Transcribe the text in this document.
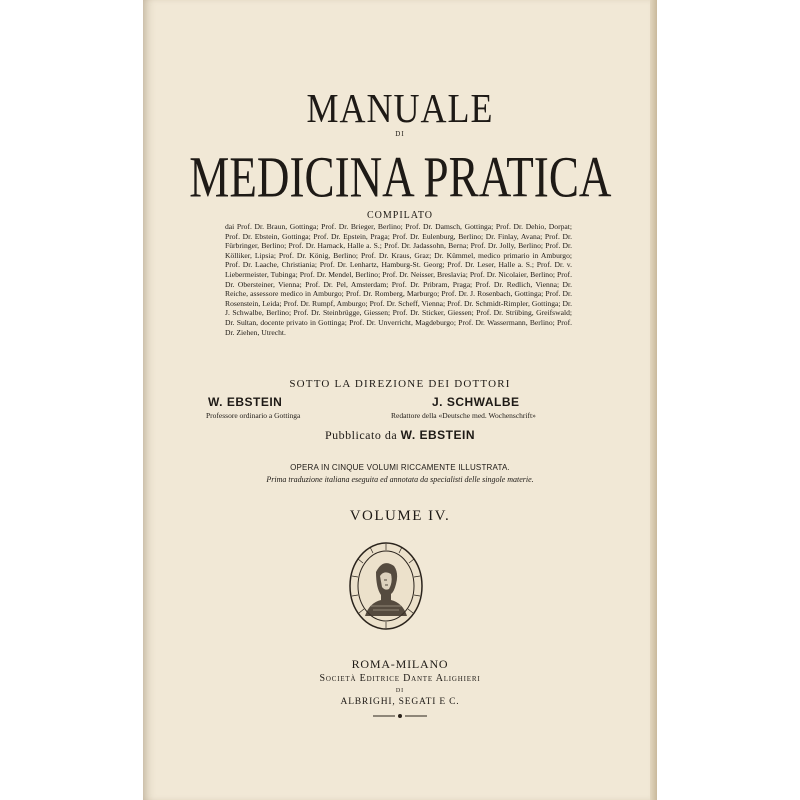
MANUALE
DI
MEDICINA PRATICA
COMPILATO
dai Prof. Dr. Braun, Gottinga; Prof. Dr. Brieger, Berlino; Prof. Dr. Damsch, Gottinga; Prof. Dr. Dehio, Dorpat; Prof. Dr. Ebstein, Gottinga; Prof. Dr. Epstein, Praga; Prof. Dr. Eulenburg, Berlino; Dr. Finlay, Avana; Prof. Dr. Fürbringer, Berlino; Prof. Dr. Harnack, Halle a. S.; Prof. Dr. Jadassohn, Berna; Prof. Dr. Jolly, Berlino; Prof. Dr. Kölliker, Lipsia; Prof. Dr. König, Berlino; Prof. Dr. Kraus, Graz; Dr. Kümmel, medico primario in Amburgo; Prof. Dr. Laache, Christiania; Prof. Dr. Lenhartz, Hamburg-St. Georg; Prof. Dr. Leser, Halle a. S.; Prof. Dr. v. Liebermeister, Tubinga; Prof. Dr. Mendel, Berlino; Prof. Dr. Neisser, Breslavia; Prof. Dr. Nicolaier, Berlino; Prof. Dr. Obersteiner, Vienna; Prof. Dr. Pel, Amsterdam; Prof. Dr. Pribram, Praga; Prof. Dr. Redlich, Vienna; Dr. Reiche, assessore medico in Amburgo; Prof. Dr. Romberg, Marburgo; Prof. Dr. J. Rosenbach, Gottinga; Prof. Dr. Rosenstein, Leida; Prof. Dr. Rumpf, Amburgo; Prof. Dr. Scheff, Vienna; Prof. Dr. Schmidt-Rimpler, Gottinga; Dr. J. Schwalbe, Berlino; Prof. Dr. Steinbrügge, Giessen; Prof. Dr. Sticker, Giessen; Prof. Dr. Strübing, Greifswald; Dr. Sultan, docente privato in Gottinga; Prof. Dr. Unverricht, Magdeburgo; Prof. Dr. Wassermann, Berlino; Prof. Dr. Ziehen, Utrecht.
SOTTO LA DIREZIONE DEI DOTTORI
W. EBSTEIN
Professore ordinario a Gottinga
J. SCHWALBE
Redattore della «Deutsche med. Wochenschrift»
Pubblicato da W. EBSTEIN
OPERA IN CINQUE VOLUMI RICCAMENTE ILLUSTRATA.
Prima traduzione italiana eseguita ed annotata da specialisti delle singole materie.
VOLUME IV.
ROMA-MILANO
Società Editrice Dante Alighieri
DI
ALBRIGHI, SEGATI E C.
